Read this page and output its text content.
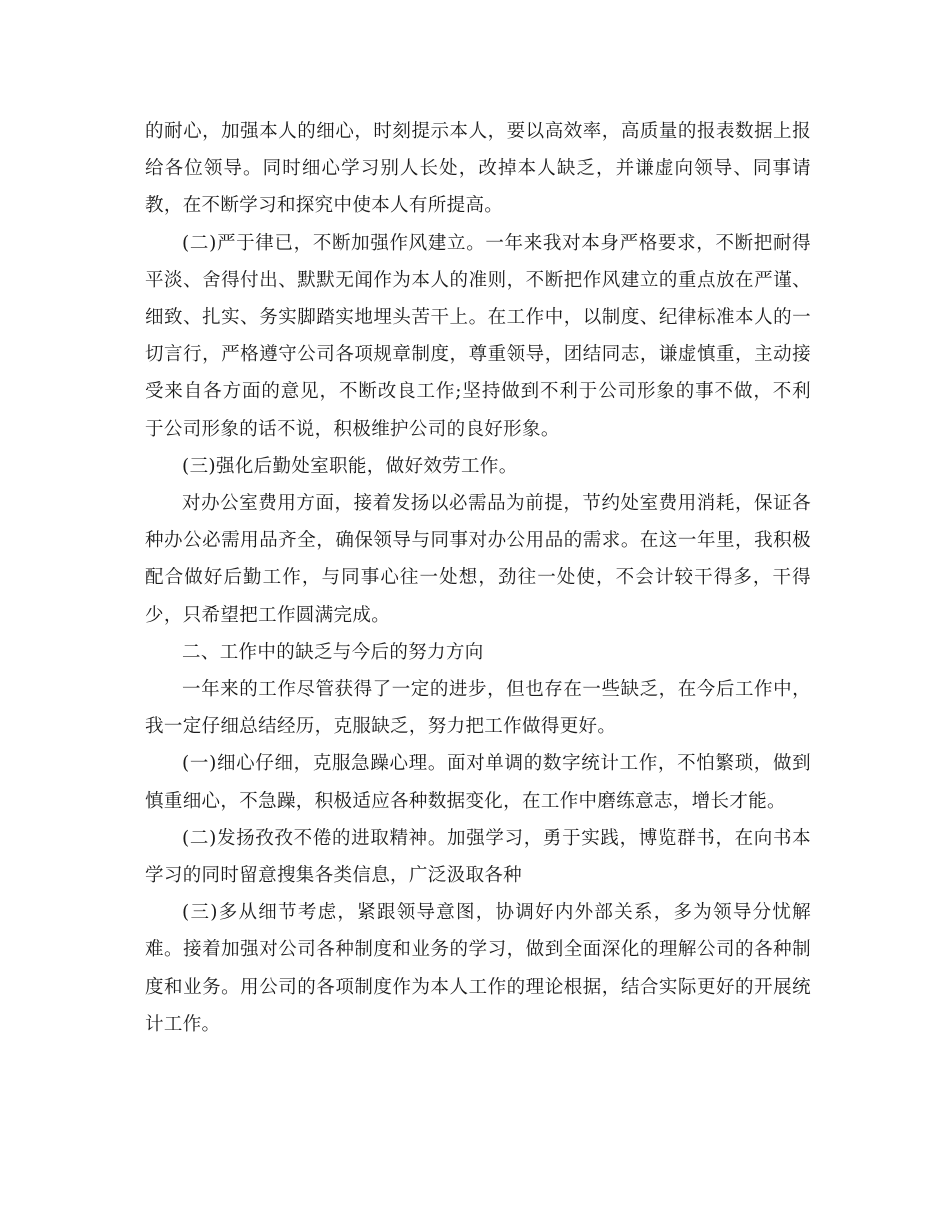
的耐心，加强本人的细心，时刻提示本人，要以高效率，高质量的报表数据上报给各位领导。同时细心学习别人长处，改掉本人缺乏，并谦虚向领导、同事请教，在不断学习和探究中使本人有所提高。

(二)严于律已，不断加强作风建立。一年来我对本身严格要求，不断把耐得平淡、舍得付出、默默无闻作为本人的准则，不断把作风建立的重点放在严谨、细致、扎实、务实脚踏实地埋头苦干上。在工作中，以制度、纪律标准本人的一切言行，严格遵守公司各项规章制度，尊重领导，团结同志，谦虚慎重，主动接受来自各方面的意见，不断改良工作;坚持做到不利于公司形象的事不做，不利于公司形象的话不说，积极维护公司的良好形象。

(三)强化后勤处室职能，做好效劳工作。

对办公室费用方面，接着发扬以必需品为前提，节约处室费用消耗，保证各种办公必需用品齐全，确保领导与同事对办公用品的需求。在这一年里，我积极配合做好后勤工作，与同事心往一处想，劲往一处使，不会计较干得多，干得少，只希望把工作圆满完成。

二、工作中的缺乏与今后的努力方向

一年来的工作尽管获得了一定的进步，但也存在一些缺乏，在今后工作中，我一定仔细总结经历，克服缺乏，努力把工作做得更好。

(一)细心仔细，克服急躁心理。面对单调的数字统计工作，不怕繁琐，做到慎重细心，不急躁，积极适应各种数据变化，在工作中磨练意志，增长才能。

(二)发扬孜孜不倦的进取精神。加强学习，勇于实践，博览群书，在向书本学习的同时留意搜集各类信息，广泛汲取各种

(三)多从细节考虑，紧跟领导意图，协调好内外部关系，多为领导分忧解难。接着加强对公司各种制度和业务的学习，做到全面深化的理解公司的各种制度和业务。用公司的各项制度作为本人工作的理论根据，结合实际更好的开展统计工作。
